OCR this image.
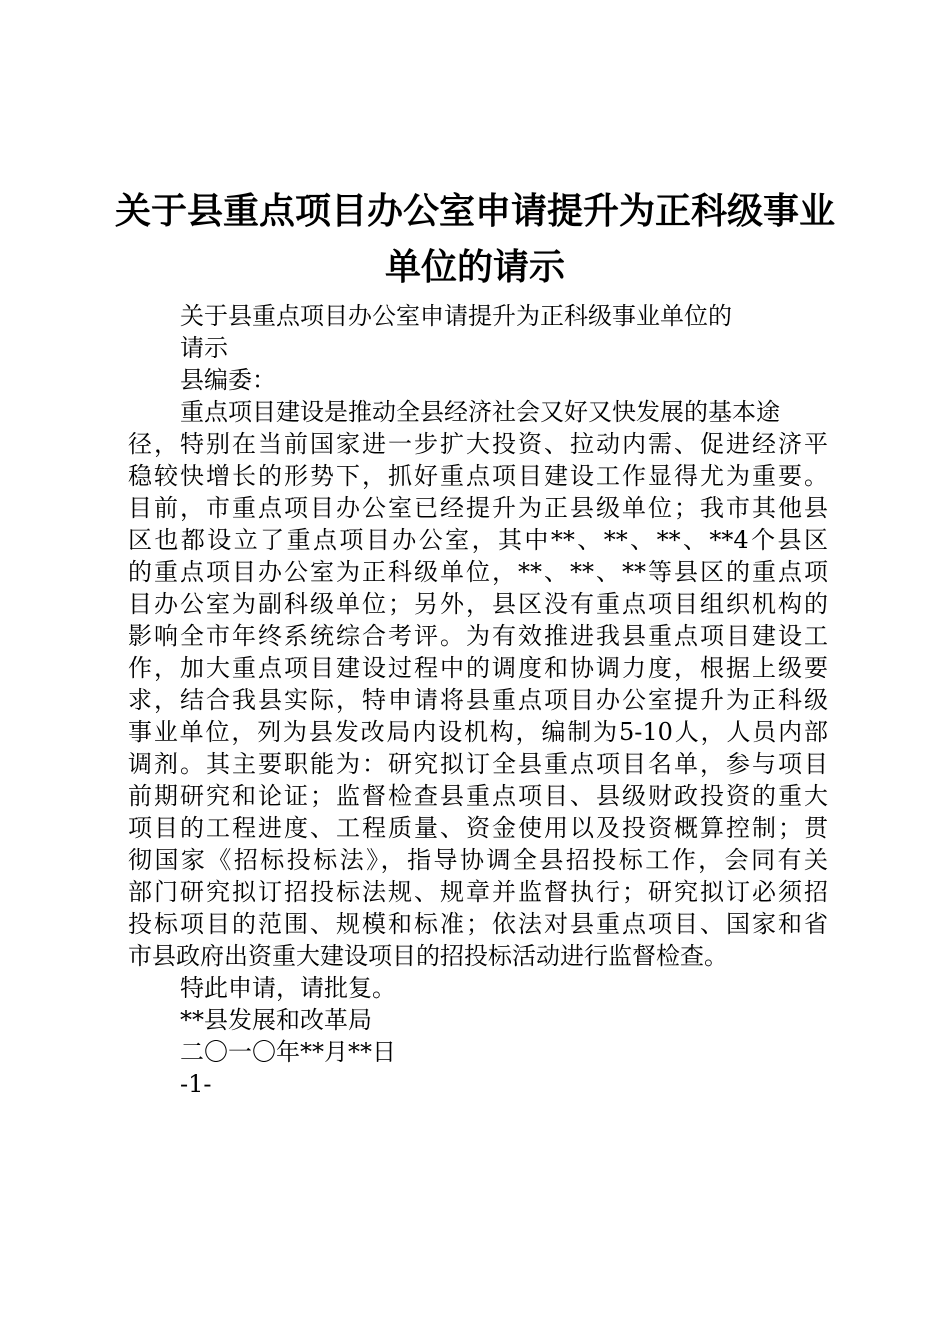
关于县重点项目办公室申请提升为正科级事业
单位的请示
关于县重点项目办公室申请提升为正科级事业单位的
请示
县编委：
重点项目建设是推动全县经济社会又好又快发展的基本途
径，特别在当前国家进一步扩大投资、拉动内需、促进经济平
稳较快增长的形势下，抓好重点项目建设工作显得尤为重要。
目前，市重点项目办公室已经提升为正县级单位；我市其他县
区也都设立了重点项目办公室，其中**、**、**、**4个县区
的重点项目办公室为正科级单位，**、**、**等县区的重点项
目办公室为副科级单位；另外，县区没有重点项目组织机构的
影响全市年终系统综合考评。为有效推进我县重点项目建设工
作，加大重点项目建设过程中的调度和协调力度，根据上级要
求，结合我县实际，特申请将县重点项目办公室提升为正科级
事业单位，列为县发改局内设机构，编制为5-10人，人员内部
调剂。其主要职能为：研究拟订全县重点项目名单，参与项目
前期研究和论证；监督检查县重点项目、县级财政投资的重大
项目的工程进度、工程质量、资金使用以及投资概算控制；贯
彻国家《招标投标法》，指导协调全县招投标工作，会同有关
部门研究拟订招投标法规、规章并监督执行；研究拟订必须招
投标项目的范围、规模和标准；依法对县重点项目、国家和省
市县政府出资重大建设项目的招投标活动进行监督检查。
特此申请，请批复。
**县发展和改革局
二〇一〇年**月**日
-1-
